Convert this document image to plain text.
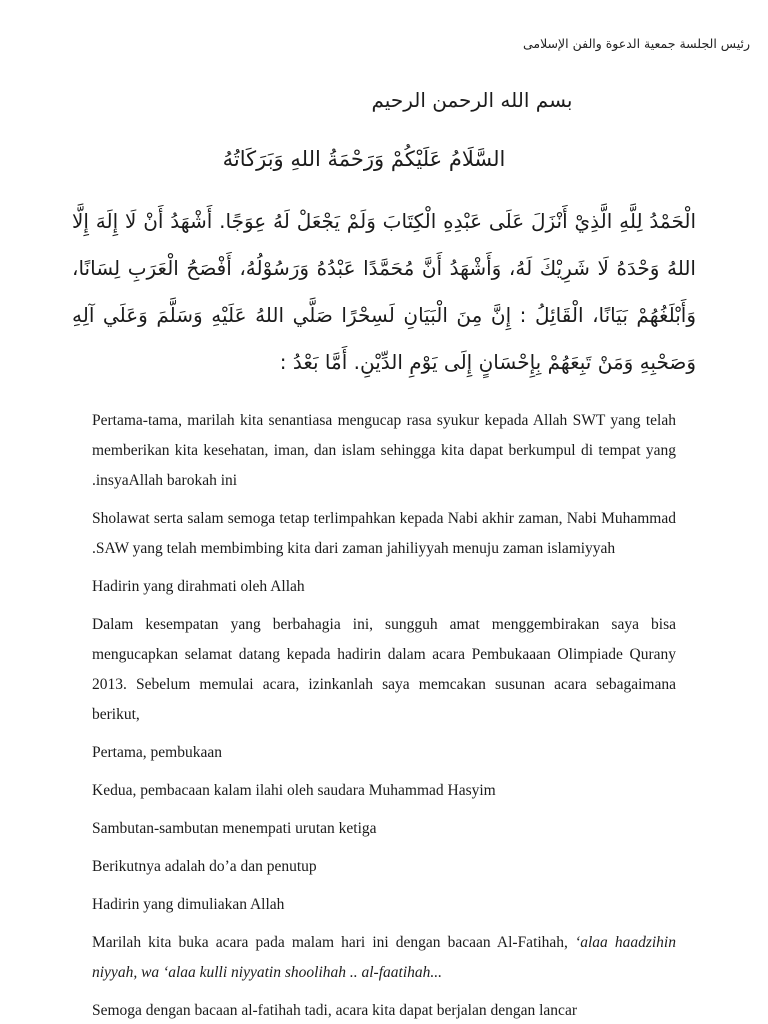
رئيس الجلسة جمعية الدعوة والفن الإسلامى
بسم الله الرحمن الرحيم
السَّلَامُ عَلَيْكُمْ وَرَحْمَةُ اللهِ وَبَرَكَاتُهُ
الْحَمْدُ لِلَّهِ الَّذِيْ أَنْزَلَ عَلَى عَبْدِهِ الْكِتَابَ وَلَمْ يَجْعَلْ لَهُ عِوَجًا. أَشْهَدُ أَنْ لَا إِلَهَ إِلَّا اللهُ وَحْدَهُ لَا شَرِيْكَ لَهُ، وَأَشْهَدُ أَنَّ مُحَمَّدًا عَبْدُهُ وَرَسُوْلُهُ، أَفْصَحُ الْعَرَبِ لِسَانًا، وَأَبْلَغُهُمْ بَيَانًا، الْقَائِلُ : إِنَّ مِنَ الْبَيَانِ لَسِحْرًا صَلَّي اللهُ عَلَيْهِ وَسَلَّمَ وَعَلَي آلِهِ وَصَحْبِهِ وَمَنْ تَبِعَهُمْ بِإِحْسَانٍ إِلَى يَوْمِ الدِّيْنِ. أَمَّا بَعْدُ :

Pertama-tama, marilah kita senantiasa mengucap rasa syukur kepada Allah SWT yang telah memberikan kita kesehatan, iman, dan islam sehingga kita dapat berkumpul di tempat yang .insyaAllah barokah ini

Sholawat serta salam semoga tetap terlimpahkan kepada Nabi akhir zaman, Nabi Muhammad .SAW yang telah membimbing kita dari zaman jahiliyyah menuju zaman islamiyyah

Hadirin yang dirahmati oleh Allah

Dalam kesempatan yang berbahagia ini, sungguh amat menggembirakan saya bisa mengucapkan selamat datang kepada hadirin dalam acara Pembukaaan Olimpiade Qurany 2013. Sebelum memulai acara, izinkanlah saya memcakan susunan acara sebagaimana berikut,

Pertama, pembukaan

Kedua, pembacaan kalam ilahi oleh saudara Muhammad Hasyim

Sambutan-sambutan menempati urutan ketiga

Berikutnya adalah do’a dan penutup

Hadirin yang dimuliakan Allah

Marilah kita buka acara pada malam hari ini dengan bacaan Al-Fatihah, ‘alaa haadzihin niyyah, wa ‘alaa kulli niyyatin shoolihah .. al-faatihah...

Semoga dengan bacaan al-fatihah tadi, acara kita dapat berjalan dengan lancar
